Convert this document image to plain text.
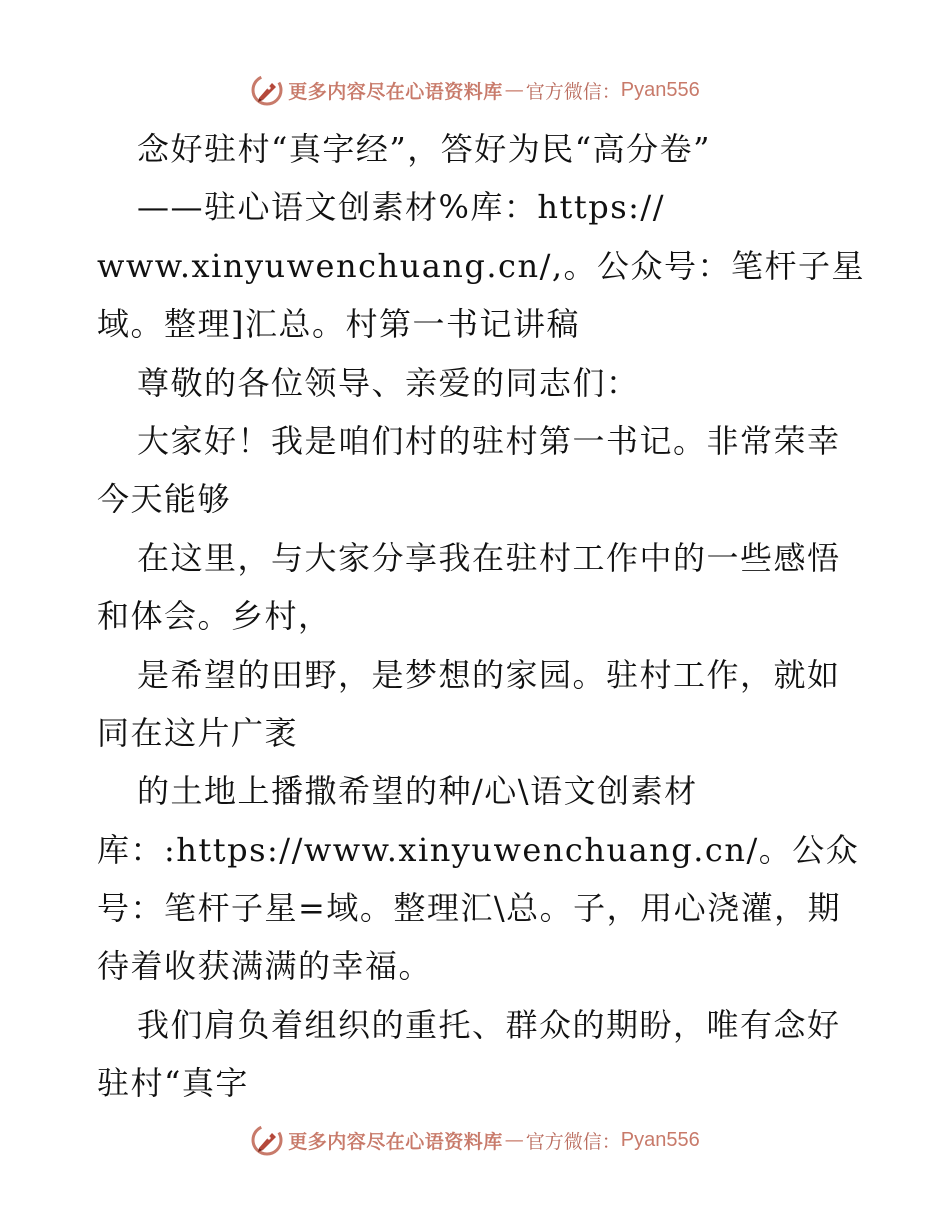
更多内容尽在心语资料库 — 官方微信： Pyan556
念好驻村“真字经”，答好为民“高分卷”
——驻心语文创素材%库：https://
www.xinyuwenchuang.cn/,。公众号：笔杆子星
域。整理]汇总。村第一书记讲稿
尊敬的各位领导、亲爱的同志们：
大家好！我是咱们村的驻村第一书记。非常荣幸
今天能够
在这里，与大家分享我在驻村工作中的一些感悟
和体会。乡村，
是希望的田野，是梦想的家园。驻村工作，就如
同在这片广袤
的土地上播撒希望的种/心\语文创素材
库：:https://www.xinyuwenchuang.cn/。公众
号：笔杆子星=域。整理汇\总。子，用心浇灌，期
待着收获满满的幸福。
我们肩负着组织的重托、群众的期盼，唯有念好
驻村“真字
更多内容尽在心语资料库 — 官方微信： Pyan556
